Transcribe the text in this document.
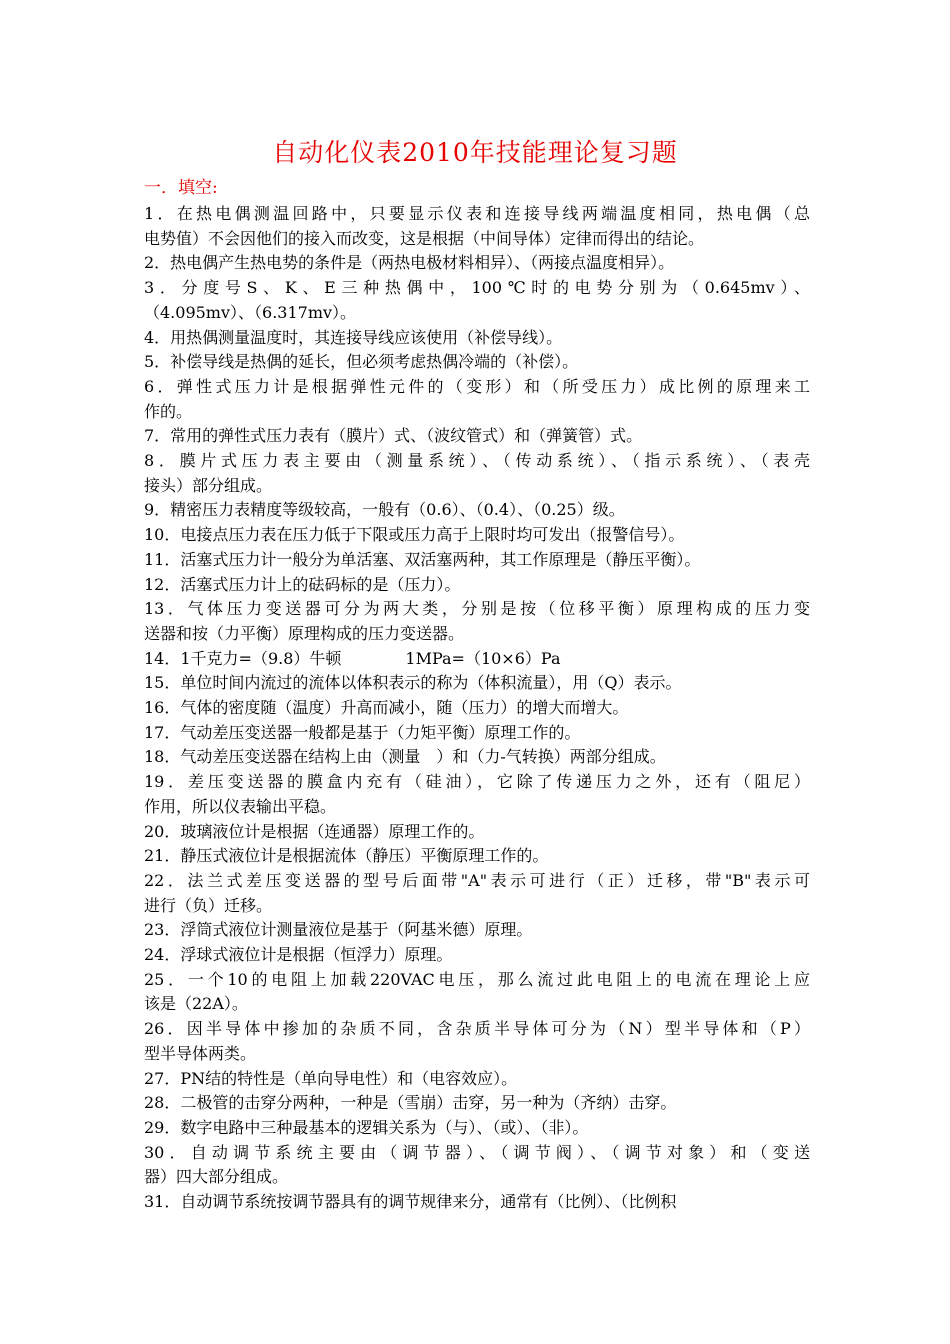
自动化仪表2010年技能理论复习题
一．填空:
1．在热电偶测温回路中，只要显示仪表和连接导线两端温度相同，热电偶（总
电势值）不会因他们的接入而改变，这是根据（中间导体）定律而得出的结论。
2．热电偶产生热电势的条件是（两热电极材料相异）、（两接点温度相异）。
3．分度号S、K、E三种热偶中，100℃时的电势分别为（0.645mv）、
（4.095mv）、（6.317mv）。
4．用热偶测量温度时，其连接导线应该使用（补偿导线）。
5．补偿导线是热偶的延长，但必须考虑热偶冷端的（补偿）。
6．弹性式压力计是根据弹性元件的（变形）和（所受压力）成比例的原理来工
作的。
7．常用的弹性式压力表有（膜片）式、（波纹管式）和（弹簧管）式。
8．膜片式压力表主要由（测量系统）、（传动系统）、（指示系统）、（表壳
接头）部分组成。
9．精密压力表精度等级较高，一般有（0.6）、（0.4）、（0.25）级。
10．电接点压力表在压力低于下限或压力高于上限时均可发出（报警信号）。
11．活塞式压力计一般分为单活塞、双活塞两种，其工作原理是（静压平衡）。
12．活塞式压力计上的砝码标的是（压力）。
13．气体压力变送器可分为两大类，分别是按（位移平衡）原理构成的压力变
送器和按（力平衡）原理构成的压力变送器。
14．1千克力=（9.8）牛顿　　　　1MPa=（10×6）Pa
15．单位时间内流过的流体以体积表示的称为（体积流量），用（Q）表示。
16．气体的密度随（温度）升高而减小，随（压力）的增大而增大。
17．气动差压变送器一般都是基于（力矩平衡）原理工作的。
18．气动差压变送器在结构上由（测量　）和（力-气转换）两部分组成。
19．差压变送器的膜盒内充有（硅油），它除了传递压力之外，还有（阻尼）
作用，所以仪表输出平稳。
20．玻璃液位计是根据（连通器）原理工作的。
21．静压式液位计是根据流体（静压）平衡原理工作的。
22．法兰式差压变送器的型号后面带"A"表示可进行（正）迁移，带"B"表示可
进行（负）迁移。
23．浮筒式液位计测量液位是基于（阿基米德）原理。
24．浮球式液位计是根据（恒浮力）原理。
25．一个10的电阻上加载220VAC电压，那么流过此电阻上的电流在理论上应
该是（22A）。
26．因半导体中掺加的杂质不同，含杂质半导体可分为（N）型半导体和（P）
型半导体两类。
27．PN结的特性是（单向导电性）和（电容效应）。
28．二极管的击穿分两种，一种是（雪崩）击穿，另一种为（齐纳）击穿。
29．数字电路中三种最基本的逻辑关系为（与）、（或）、（非）。
30．自动调节系统主要由（调节器）、（调节阀）、（调节对象）和（变送
器）四大部分组成。
31．自动调节系统按调节器具有的调节规律来分，通常有（比例）、（比例积
